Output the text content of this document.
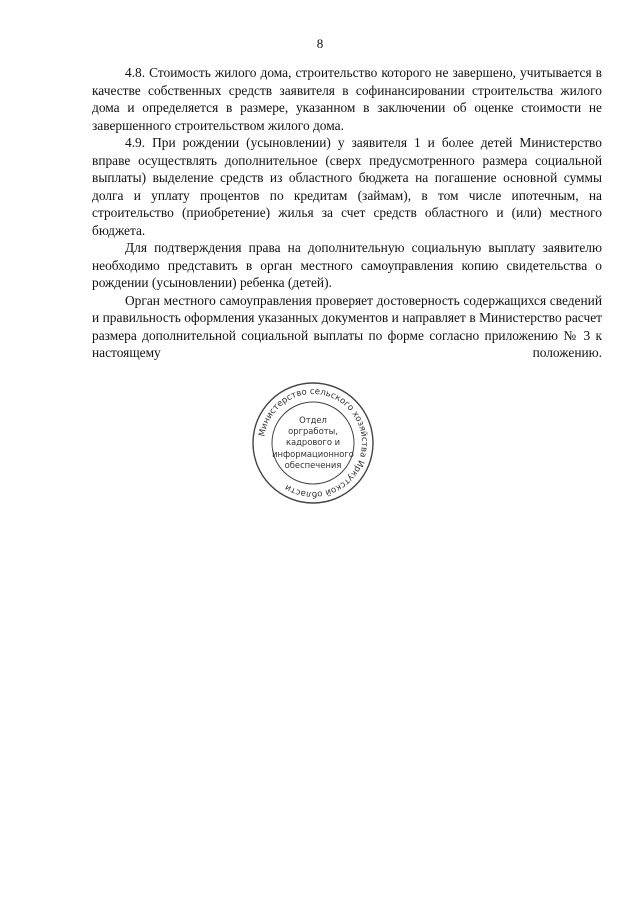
8

4.8. Стоимость жилого дома, строительство которого не завершено, учитывается в качестве собственных средств заявителя в софинансировании строительства жилого дома и определяется в размере, указанном в заключении об оценке стоимости не завершенного строительством жилого дома.

4.9. При рождении (усыновлении) у заявителя 1 и более детей Министерство вправе осуществлять дополнительное (сверх предусмотренного размера социальной выплаты) выделение средств из областного бюджета на погашение основной суммы долга и уплату процентов по кредитам (займам), в том числе ипотечным, на строительство (приобретение) жилья за счет средств областного и (или) местного бюджета.

Для подтверждения права на дополнительную социальную выплату заявителю необходимо представить в орган местного самоуправления копию свидетельства о рождении (усыновлении) ребенка (детей).

Орган местного самоуправления проверяет достоверность содержащихся сведений и правильность оформления указанных документов и направляет в Министерство расчет размера дополнительной социальной выплаты по форме согласно приложению № 3 к настоящему положению.

Министерство сельского хозяйства Иркутской области
Отдел
оргработы,
кадрового и
информационного
обеспечения
